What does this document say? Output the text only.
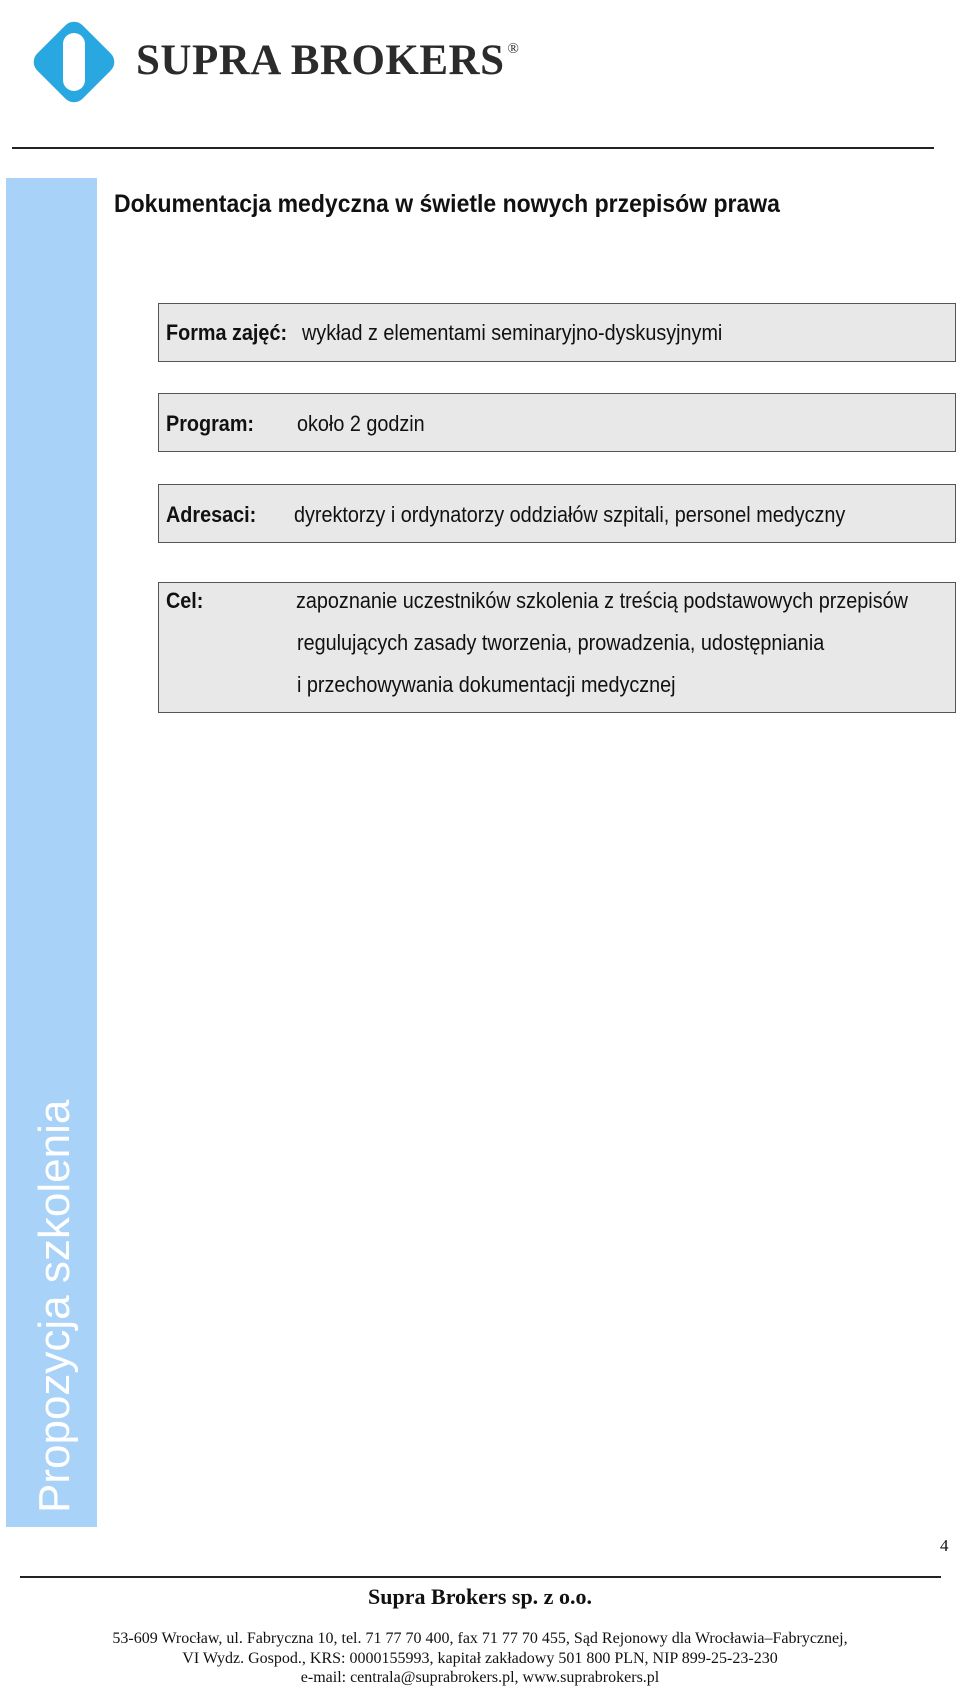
SUPRA BROKERS ®
Propozycja szkolenia
Dokumentacja medyczna w świetle nowych przepisów prawa
Forma zajęć: wykład z elementami seminaryjno-dyskusyjnymi
Program: około 2 godzin
Adresaci: dyrektorzy i ordynatorzy oddziałów szpitali, personel medyczny
Cel:	zapoznanie uczestników szkolenia z treścią podstawowych przepisów
regulujących zasady tworzenia, prowadzenia, udostępniania
i przechowywania dokumentacji medycznej
4
Supra Brokers sp. z o.o.
53-609 Wrocław, ul. Fabryczna 10, tel. 71 77 70 400, fax 71 77 70 455, Sąd Rejonowy dla Wrocławia–Fabrycznej,
VI Wydz. Gospod., KRS: 0000155993, kapitał zakładowy 501 800 PLN, NIP 899-25-23-230
e-mail: centrala@suprabrokers.pl, www.suprabrokers.pl
